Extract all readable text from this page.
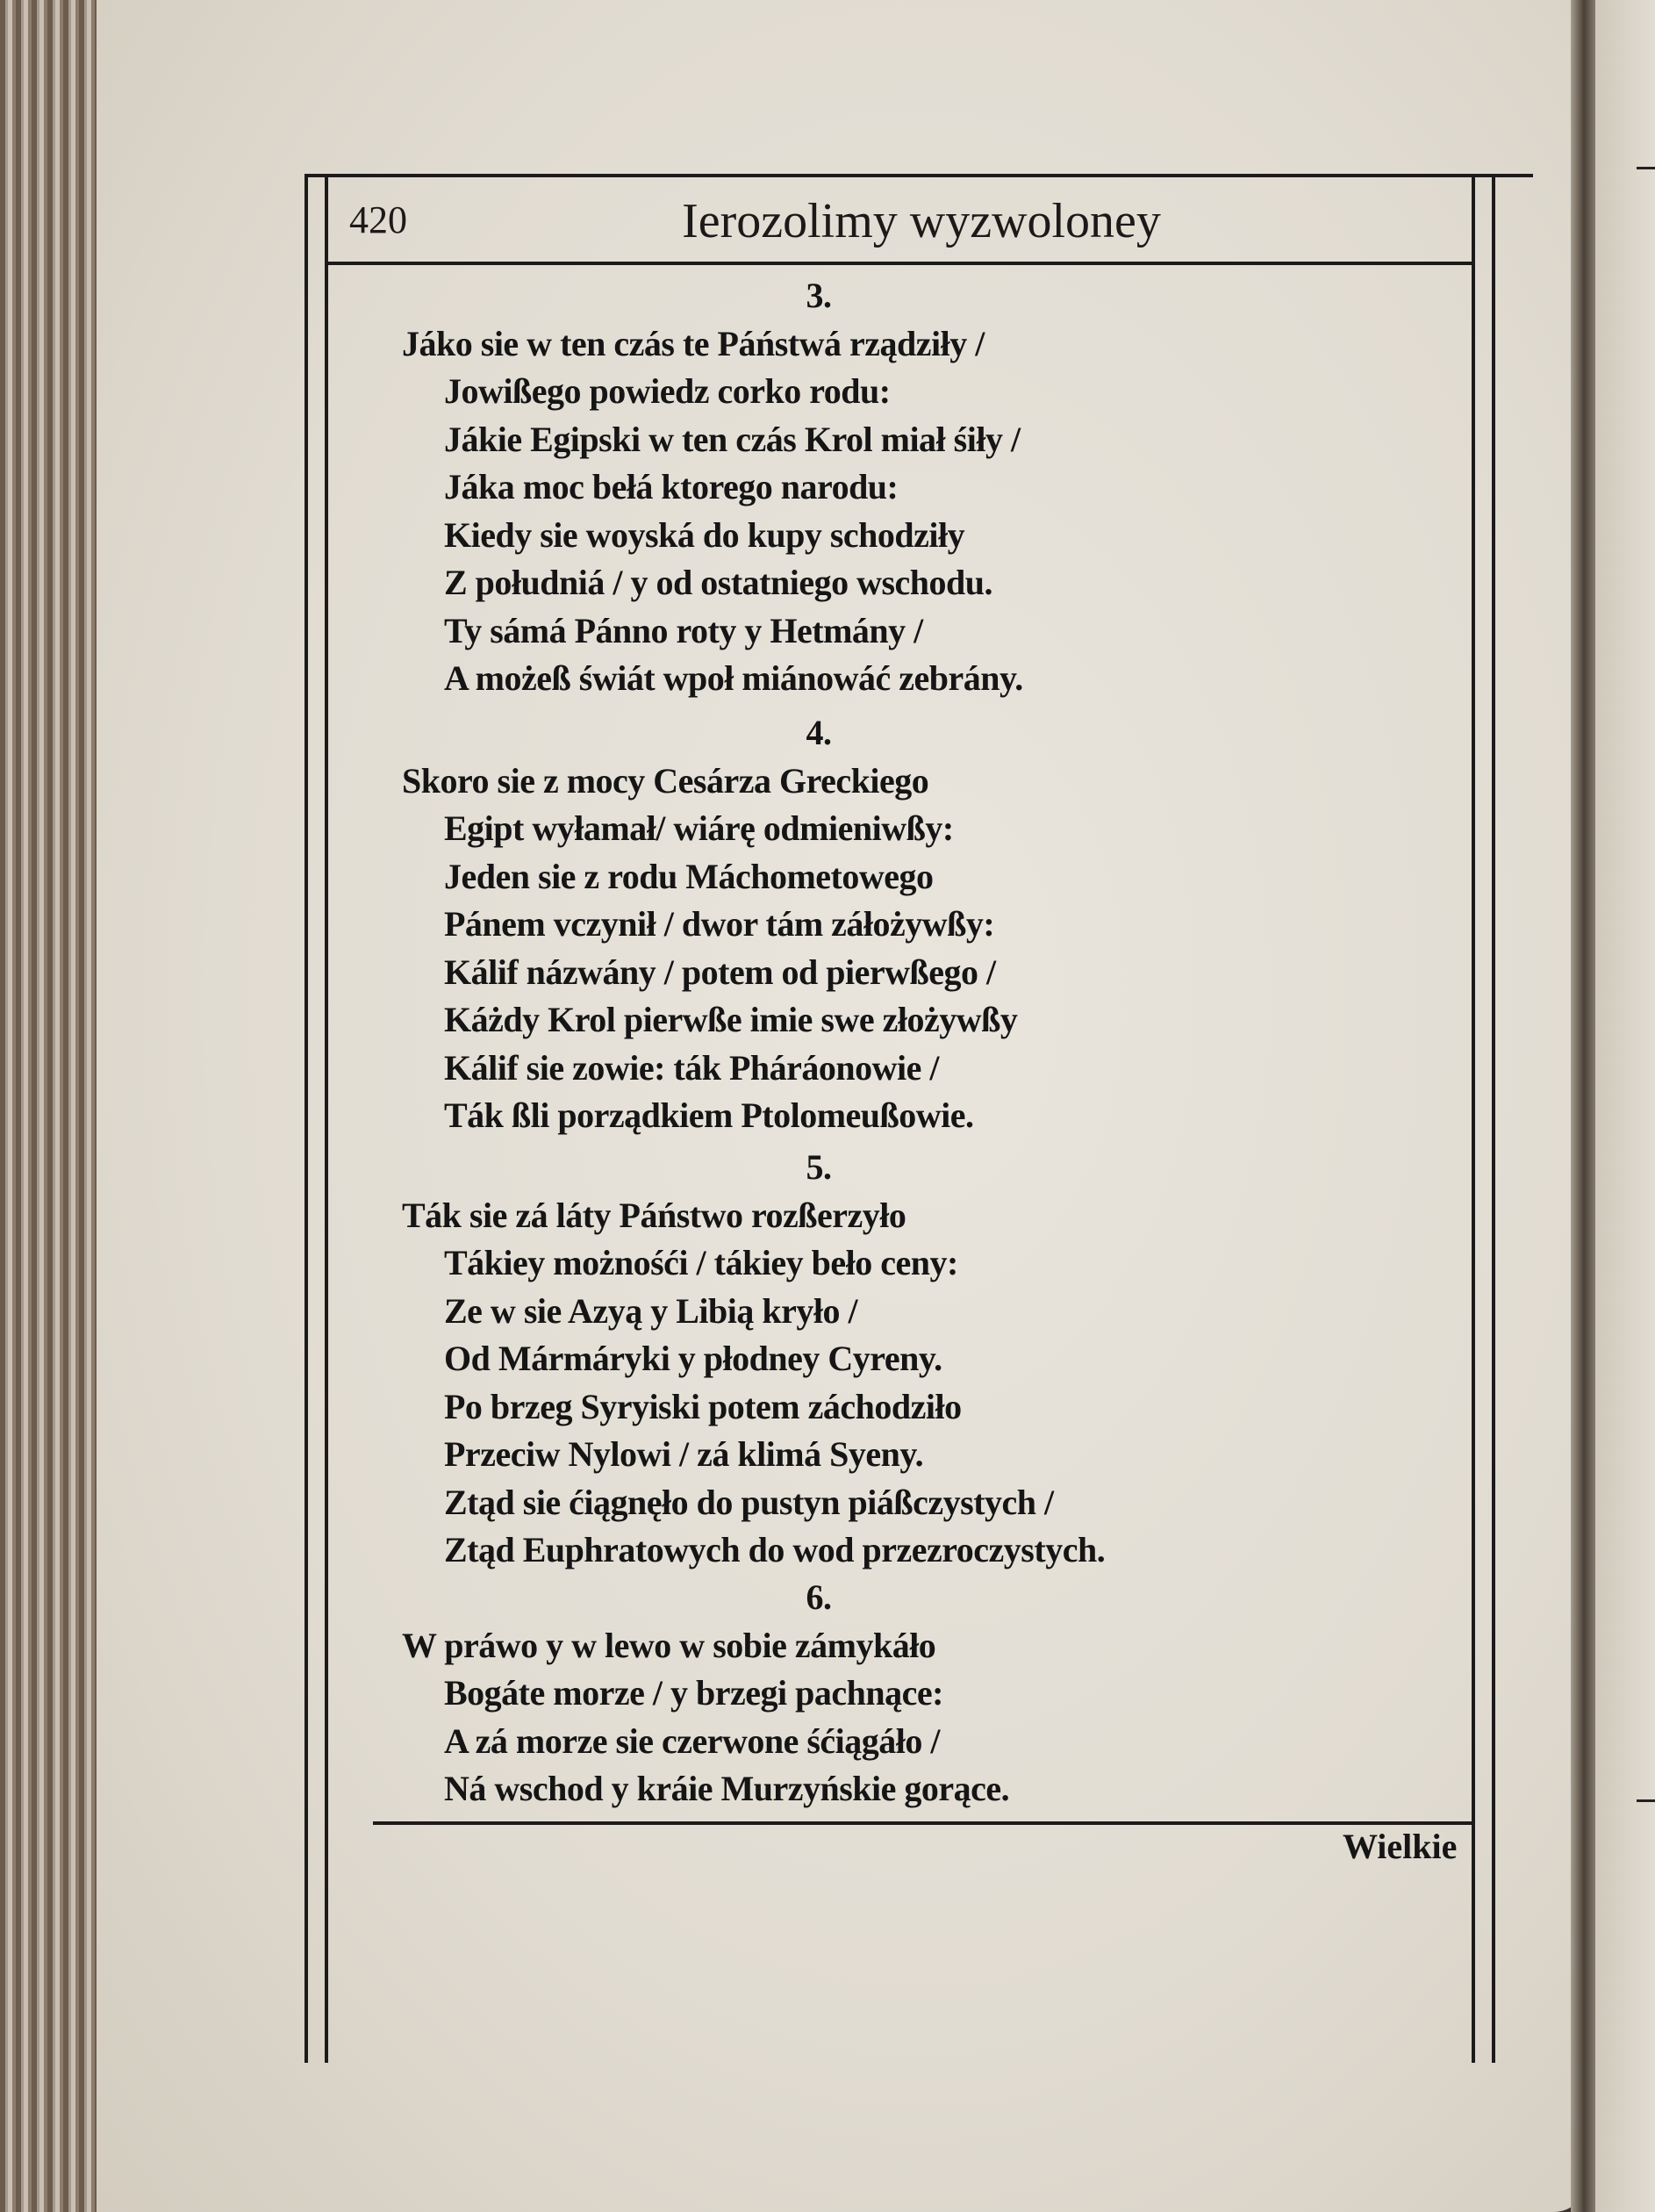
420	Ierozolimy wyzwoloney
3.
Jáko sie w ten czás te Páństwá rządziły /
Jowißego powiedz corko rodu:
Jákie Egipski w ten czás Krol miał śiły /
Jáka moc bełá ktorego narodu:
Kiedy sie woyská do kupy schodziły
Z południá / y od ostatniego wschodu.
Ty sámá Pánno roty y Hetmány /
A możeß świát wpoł miánowáć zebrány.
4.
Skoro sie z mocy Cesárza Greckiego
Egipt wyłamał/ wiárę odmieniwßy:
Jeden sie z rodu Máchometowego
Pánem vczynił / dwor tám záłożywßy:
Kálif názwány / potem od pierwßego /
Káżdy Krol pierwße imie swe złożywßy
Kálif sie zowie: ták Pháráonowie /
Ták ßli porządkiem Ptolomeußowie.
5.
Ták sie zá láty Páństwo rozßerzyło
Tákiey możnośći / tákiey beło ceny:
Ze w sie Azyą y Libią kryło /
Od Mármáryki y płodney Cyreny.
Po brzeg Syryiski potem záchodziło
Przeciw Nylowi / zá klimá Syeny.
Ztąd sie ćiągnęło do pustyn piáßczystych /
Ztąd Euphratowych do wod przezroczystych.
6.
W práwo y w lewo w sobie zámykáło
Bogáte morze / y brzegi pachnące:
A zá morze sie czerwone śćiągáło /
Ná wschod y kráie Murzyńskie gorące.
Wielkie
